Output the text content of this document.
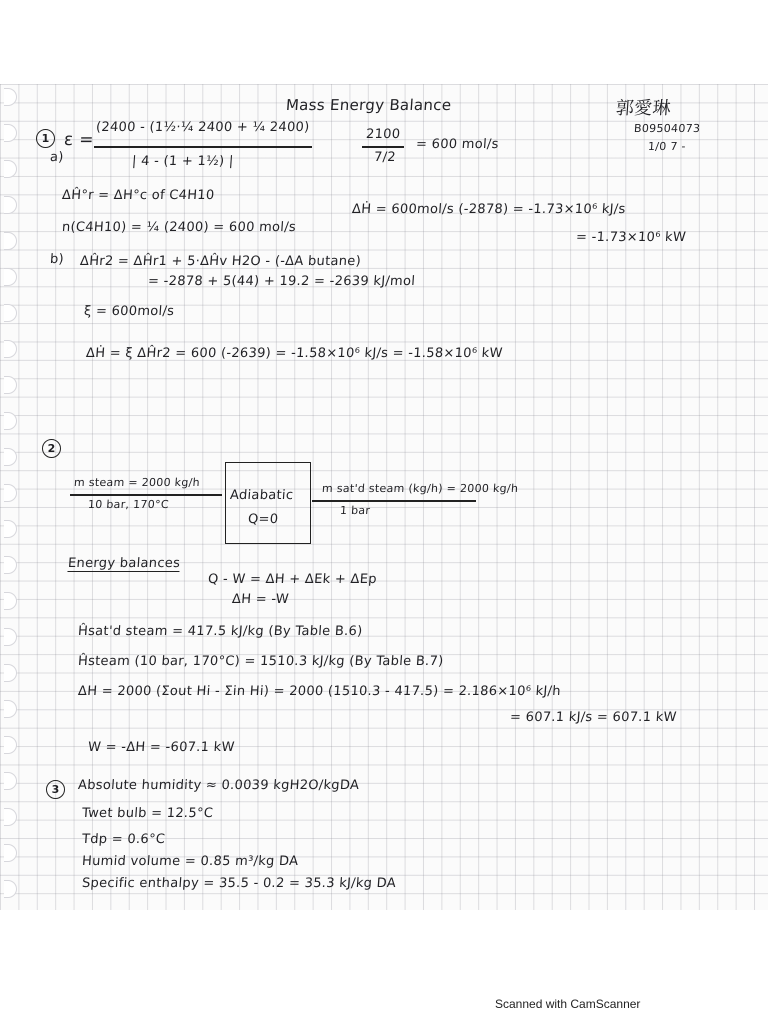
Mass Energy Balance	郭愛琳
B09504073
1/0 7 -
1 ε =
(2400 - (1½·¼ 2400 + ¼ 2400)
| 4 - (1 + 1½) |
2100
7/2
= 600 mol/s
a)
ΔĤ°r = ΔH°c of C4H10
n(C4H10) = ¼ (2400) = 600 mol/s
ΔḢ = 600mol/s (-2878) = -1.73×10⁶ kJ/s
= -1.73×10⁶ kW
b) ΔĤr2 = ΔĤr1 + 5·ΔĤv H2O - (-ΔA butane)
= -2878 + 5(44) + 19.2 = -2639 kJ/mol
ξ = 600mol/s
ΔḢ = ξ ΔĤr2 = 600 (-2639) = -1.58×10⁶ kJ/s = -1.58×10⁶ kW
2
m steam = 2000 kg/h
10 bar, 170°C
Adiabatic
Q=0
m sat'd steam (kg/h) = 2000 kg/h
1 bar
Energy balances
Q - W = ΔH + ΔEk + ΔEp
ΔH = -W
Ĥsat'd steam = 417.5 kJ/kg (By Table B.6)
Ĥsteam (10 bar, 170°C) = 1510.3 kJ/kg (By Table B.7)
ΔH = 2000 (Σout Hi - Σin Hi) = 2000 (1510.3 - 417.5) = 2.186×10⁶ kJ/h
= 607.1 kJ/s = 607.1 kW
W = -ΔH = -607.1 kW
3	Absolute humidity ≈ 0.0039 kgH2O/kgDA
Twet bulb = 12.5°C
Tdp = 0.6°C
Humid volume = 0.85 m³/kg DA
Specific enthalpy = 35.5 - 0.2 = 35.3 kJ/kg DA
Scanned with CamScanner
